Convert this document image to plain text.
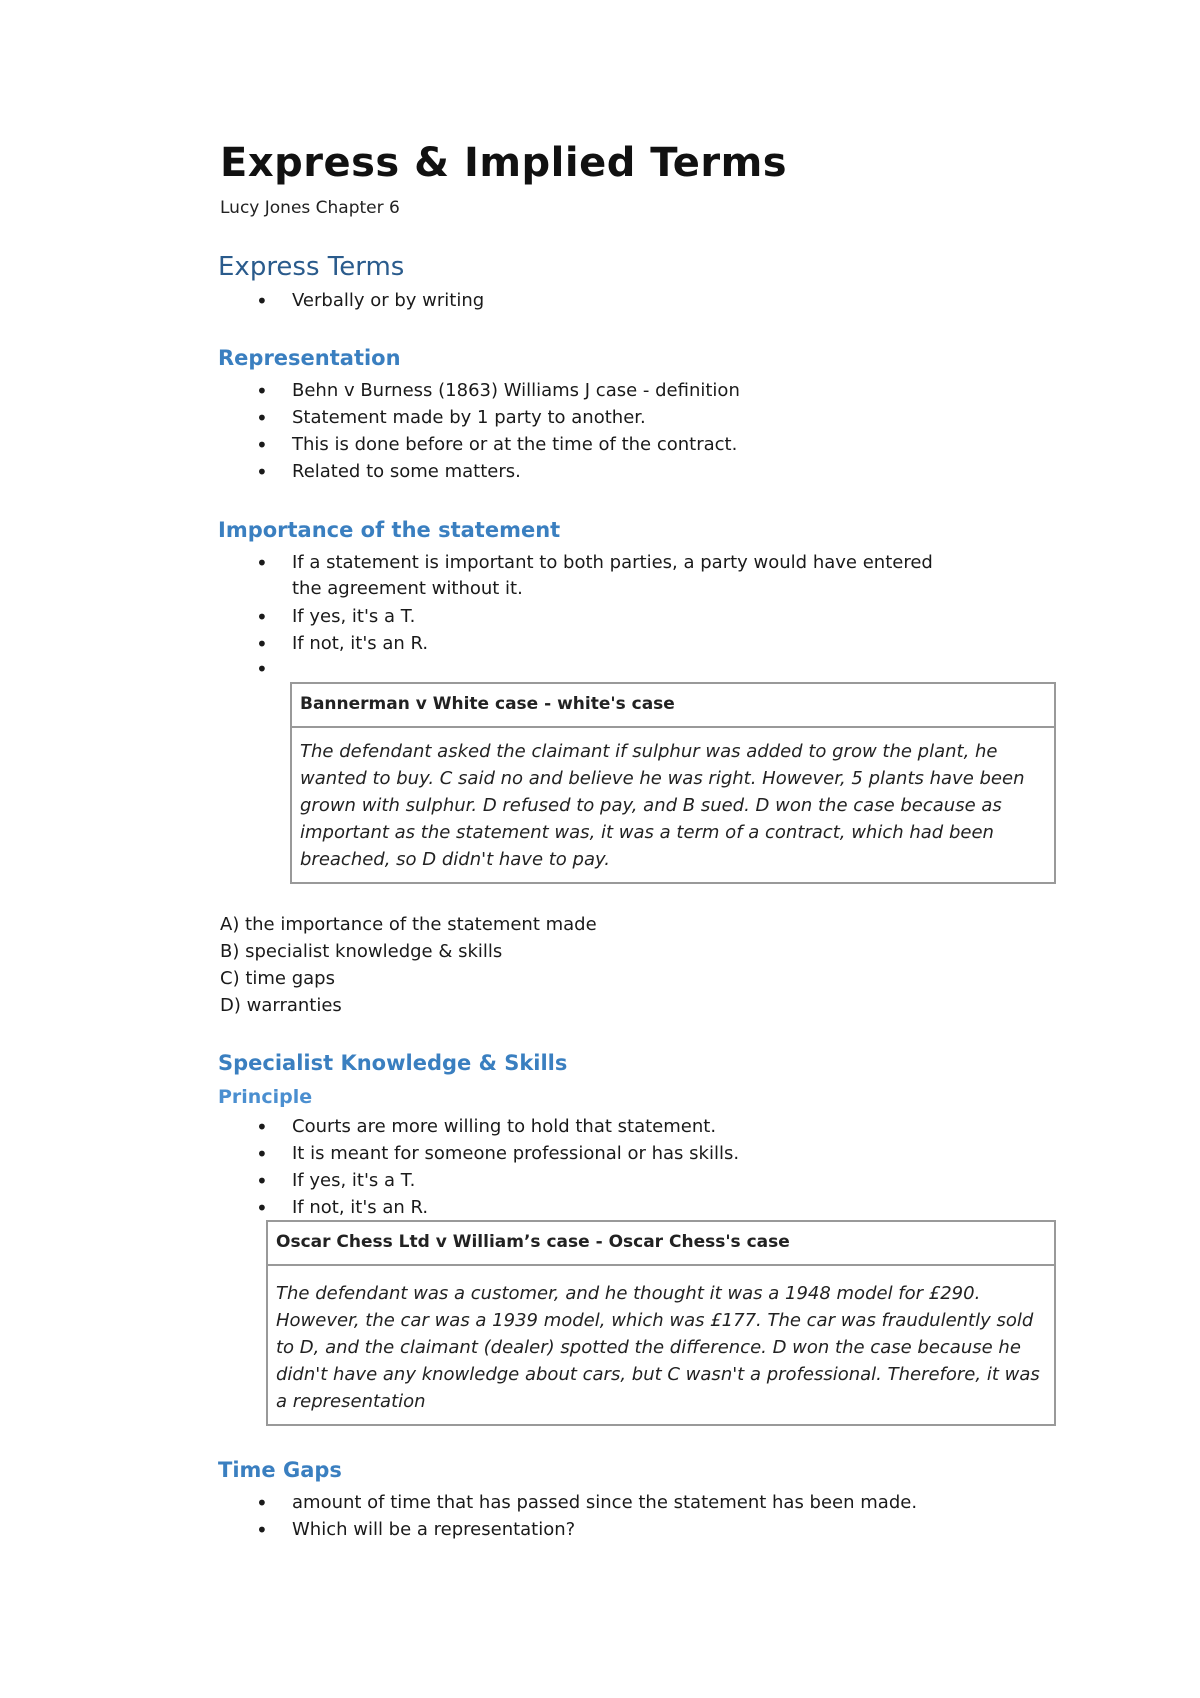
Express & Implied Terms
Lucy Jones Chapter 6
Express Terms
• Verbally or by writing
Representation
• Behn v Burness (1863) Williams J case - definition
• Statement made by 1 party to another.
• This is done before or at the time of the contract.
• Related to some matters.
Importance of the statement
• If a statement is important to both parties, a party would have entered the agreement without it.
• If yes, it's a T.
• If not, it's an R.
•
Bannerman v White case - white's case
The defendant asked the claimant if sulphur was added to grow the plant, he wanted to buy. C said no and believe he was right. However, 5 plants have been grown with sulphur. D refused to pay, and B sued. D won the case because as important as the statement was, it was a term of a contract, which had been breached, so D didn't have to pay.
A) the importance of the statement made
B) specialist knowledge & skills
C) time gaps
D) warranties
Specialist Knowledge & Skills
Principle
• Courts are more willing to hold that statement.
• It is meant for someone professional or has skills.
• If yes, it's a T.
• If not, it's an R.
Oscar Chess Ltd v William’s case - Oscar Chess's case
The defendant was a customer, and he thought it was a 1948 model for £290. However, the car was a 1939 model, which was £177. The car was fraudulently sold to D, and the claimant (dealer) spotted the difference. D won the case because he didn't have any knowledge about cars, but C wasn't a professional. Therefore, it was a representation
Time Gaps
• amount of time that has passed since the statement has been made.
• Which will be a representation?
